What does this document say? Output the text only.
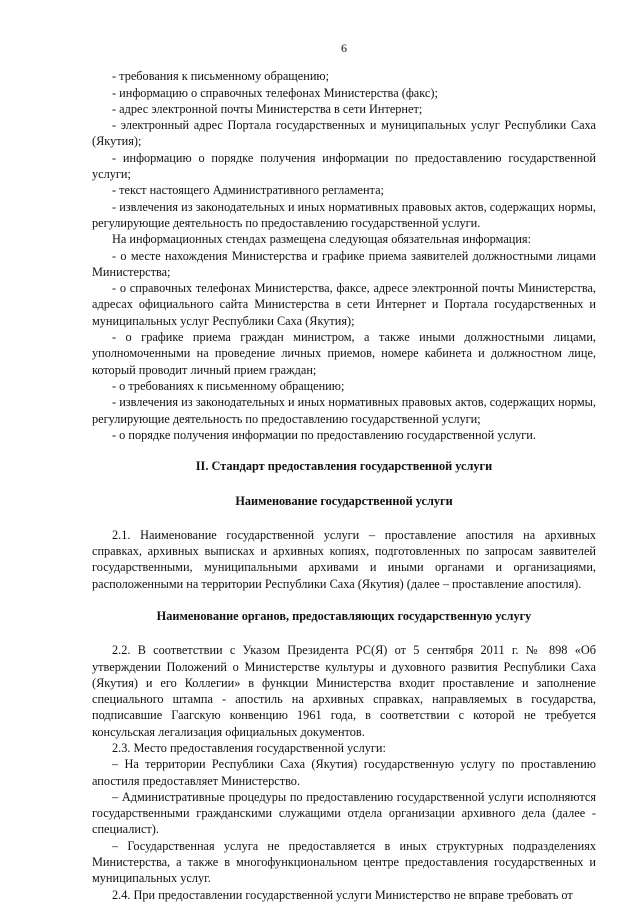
6

- требования к письменному обращению;

- информацию о справочных телефонах Министерства (факс);

- адрес электронной почты Министерства в сети Интернет;

- электронный адрес Портала государственных и муниципальных услуг Республики Саха (Якутия);

- информацию о порядке получения информации по предоставлению государственной услуги;

- текст настоящего Административного регламента;

- извлечения из законодательных и иных нормативных правовых актов, содержащих нормы, регулирующие деятельность по предоставлению государственной услуги.

На информационных стендах размещена следующая обязательная информация:

- о месте нахождения Министерства и графике приема заявителей должностными лицами Министерства;

- о справочных телефонах Министерства, факсе, адресе электронной почты Министерства, адресах официального сайта Министерства в сети Интернет и Портала государственных и муниципальных услуг Республики Саха (Якутия);

- о графике приема граждан министром, а также иными должностными лицами, уполномоченными на проведение личных приемов, номере кабинета и должностном лице, который проводит личный прием граждан;

- о требованиях к письменному обращению;

- извлечения из законодательных и иных нормативных правовых актов, содержащих нормы, регулирующие деятельность по предоставлению государственной услуги;

- о порядке получения информации по предоставлению государственной услуги.

II. Стандарт предоставления государственной услуги

Наименование государственной услуги

2.1. Наименование государственной услуги – проставление апостиля на архивных справках, архивных выписках и архивных копиях, подготовленных по запросам заявителей государственными, муниципальными архивами и иными органами и организациями, расположенными на территории Республики Саха (Якутия) (далее – проставление апостиля).

Наименование органов, предоставляющих государственную услугу

2.2. В соответствии с Указом Президента РС(Я) от 5 сентября 2011 г. № 898 «Об утверждении Положений о Министерстве культуры и духовного развития Республики Саха (Якутия) и его Коллегии» в функции Министерства входит проставление и заполнение специального штампа - апостиль на архивных справках, направляемых в государства, подписавшие Гаагскую конвенцию 1961 года, в соответствии с которой не требуется консульская легализация официальных документов.

2.3. Место предоставления государственной услуги:

– На территории Республики Саха (Якутия) государственную услугу по проставлению апостиля предоставляет Министерство.

– Административные процедуры по предоставлению государственной услуги исполняются государственными гражданскими служащими отдела организации архивного дела (далее - специалист).

– Государственная услуга не предоставляется в иных структурных подразделениях Министерства, а также в многофункциональном центре предоставления государственных и муниципальных услуг.

2.4. При предоставлении государственной услуги Министерство не вправе требовать от
